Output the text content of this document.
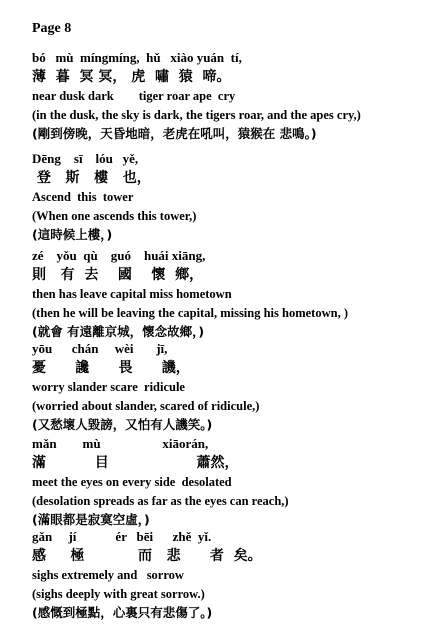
Page 8
bó   mù  míngmíng,  hǔ   xiào yuán  tí,
薄  暮  冥 冥， 虎  嘯  猿  啼。
near dusk dark        tiger roar ape  cry
(in the dusk, the sky is dark, the tigers roar, and the apes cry,)
(剛到傍晚，天昏地暗，老虎在吼叫，猿猴在 悲鳴。)
Dēng    sī    lóu   yě,
登   斯   樓   也，
Ascend  this  tower
(When one ascends this tower,)
(這時候上樓，)
zé    yǒu  qù    guó    huái xiāng,
則   有  去    國    懷  鄉，
then has leave capital miss hometown
(then he will be leaving the capital, missing his hometown, )
(就會 有遠離京城，懷念故鄉，)
yōu      chán     wèi       jī,
憂      讒      畏      譏，
worry slander scare  ridicule
(worried about slander, scared of ridicule,)
(又愁壞人毀謗，又怕有人譏笑。)
mǎn        mù                   xiāorán,
滿          目                  蕭然，
meet the eyes on every side  desolated
(desolation spreads as far as the eyes can reach,)
(滿眼都是寂寞空虛，)
gǎn     jí            ér   bēi      zhě  yǐ.
感     極           而   悲      者  矣。
sighs extremely and   sorrow
(sighs deeply with great sorrow.)
(感慨到極點，心裏只有悲傷了。)
